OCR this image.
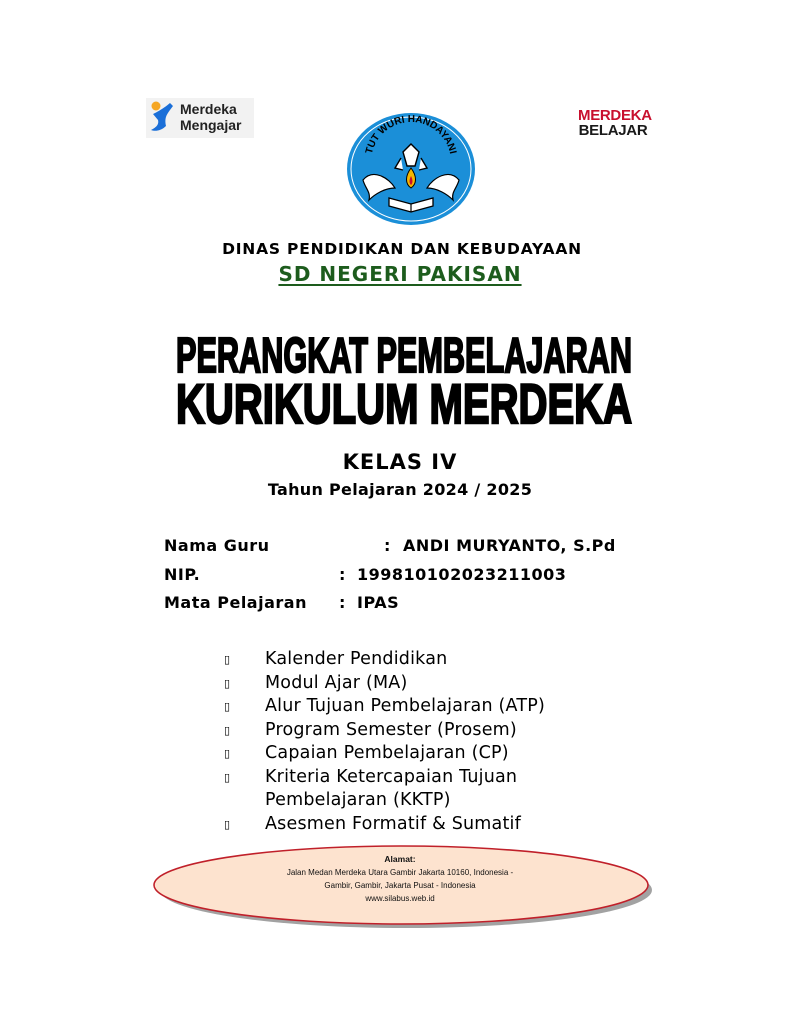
Merdeka
Mengajar
TUT WURI HANDAYANI
MERDEKA
BELAJAR
DINAS PENDIDIKAN DAN KEBUDAYAAN
SD NEGERI PAKISAN
PERANGKAT PEMBELAJARAN
KURIKULUM MERDEKA
KELAS IV
Tahun Pelajaran 2024 / 2025
Nama Guru	: ANDI MURYANTO, S.Pd
NIP.	: 199810102023211003
Mata Pelajaran : IPAS
▯ Kalender Pendidikan
▯ Modul Ajar (MA)
▯ Alur Tujuan Pembelajaran (ATP)
▯ Program Semester (Prosem)
▯ Capaian Pembelajaran (CP)
▯ Kriteria Ketercapaian Tujuan
Pembelajaran (KKTP)
▯ Asesmen Formatif & Sumatif
Alamat:
Jalan Medan Merdeka Utara Gambir Jakarta 10160, Indonesia -
Gambir, Gambir, Jakarta Pusat - Indonesia
www.silabus.web.id
